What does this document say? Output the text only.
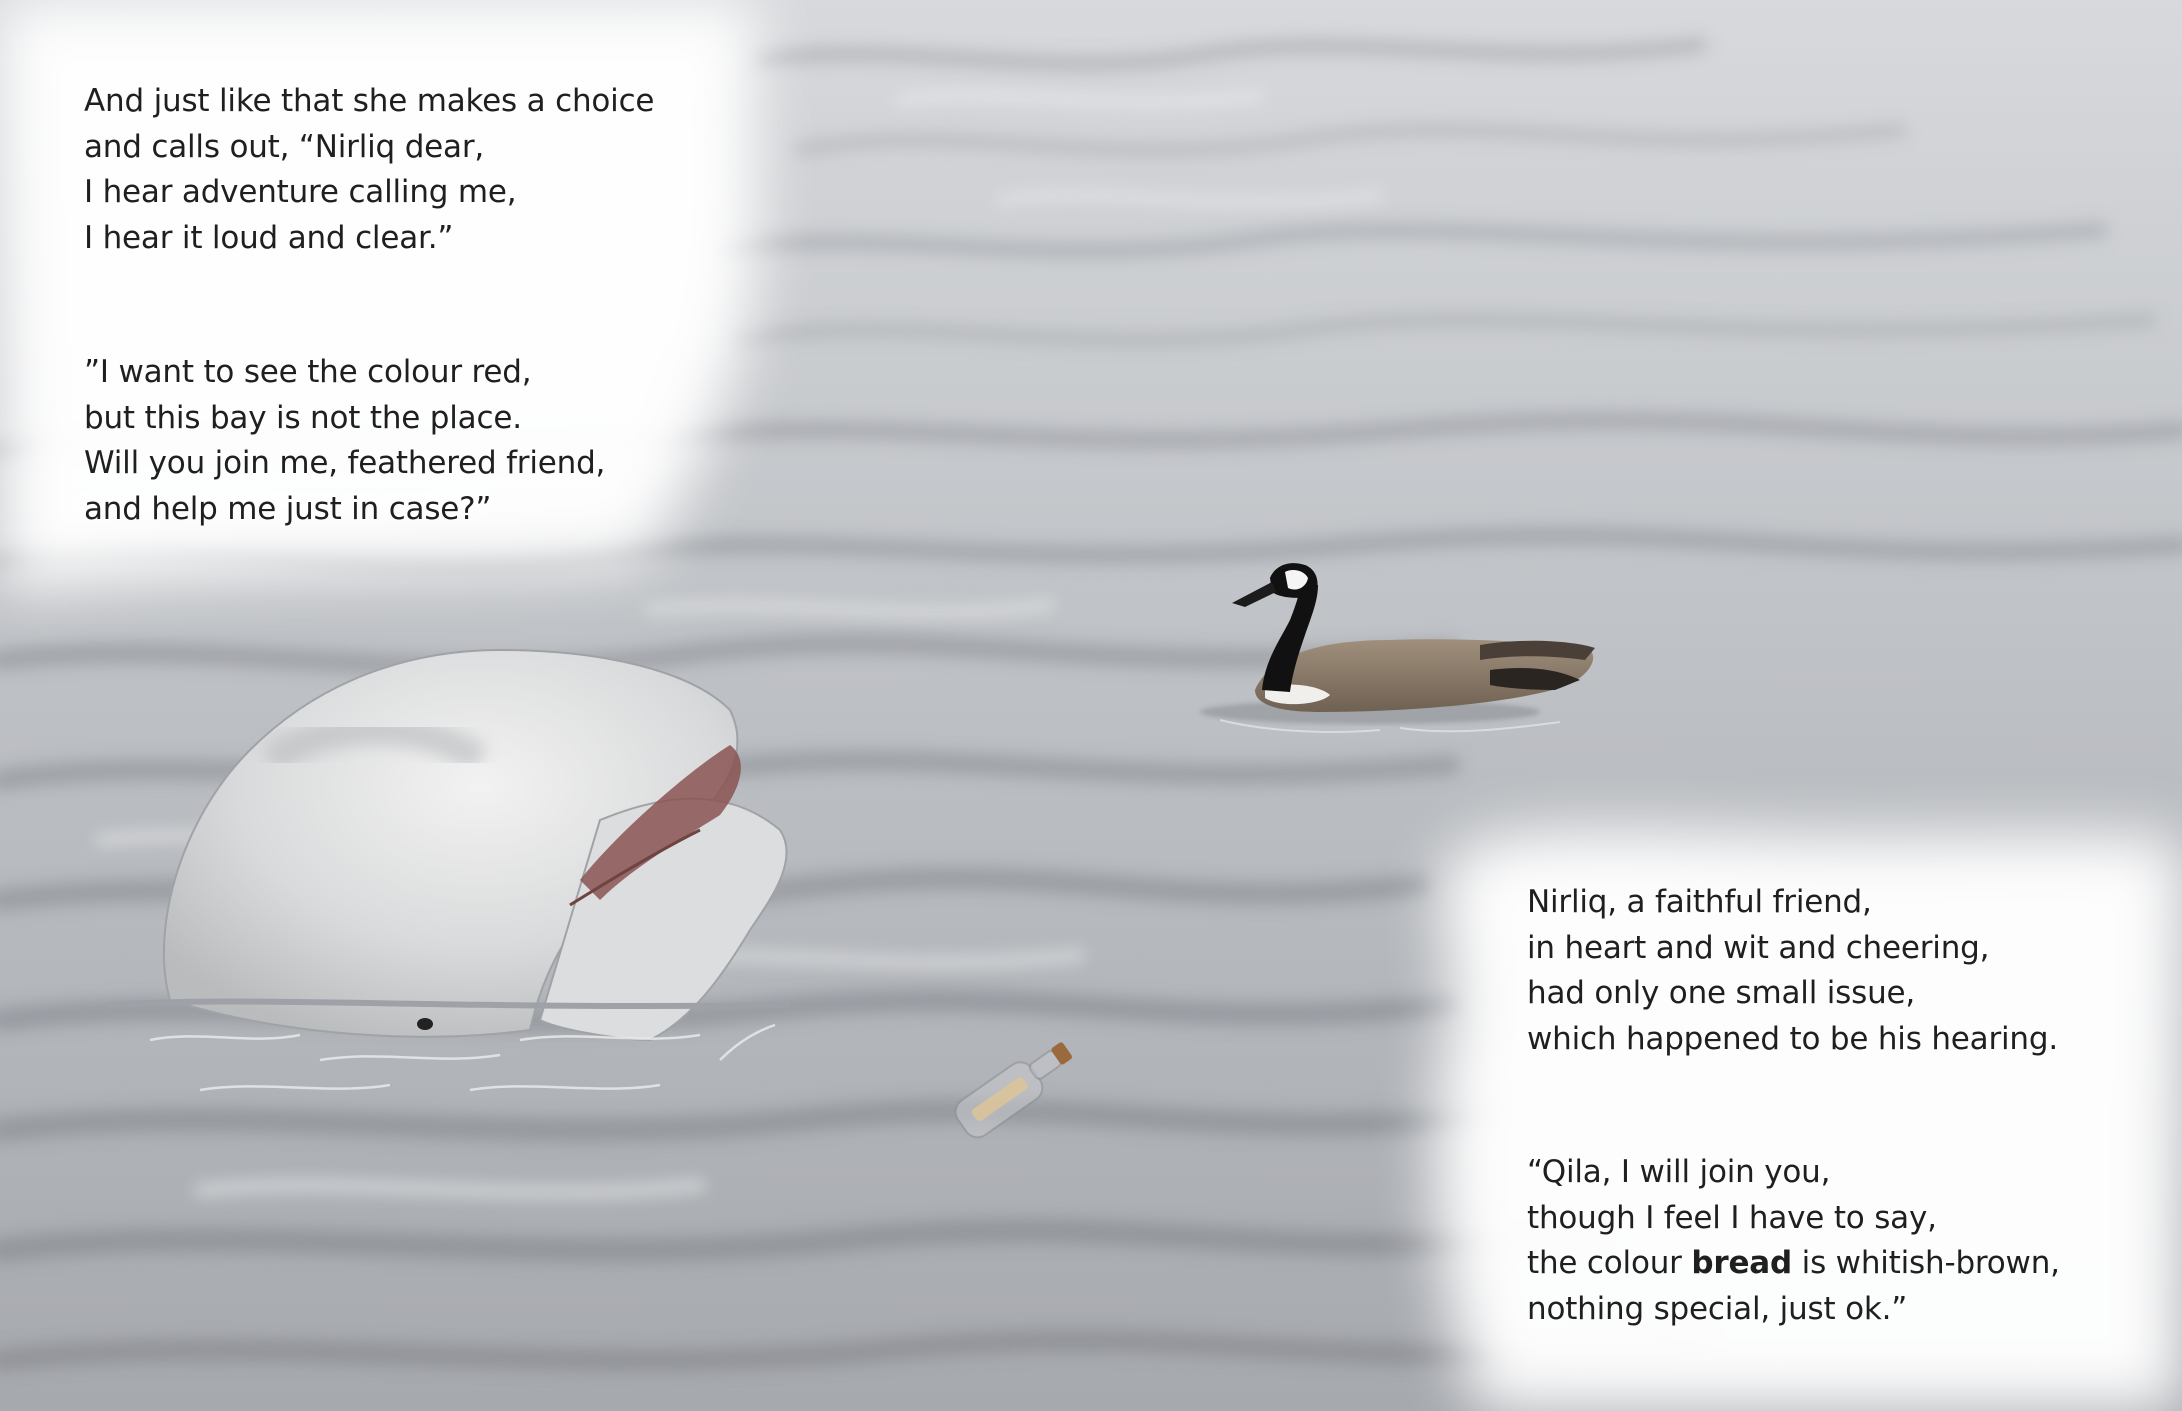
And just like that she makes a choice
and calls out, “Nirliq dear,
I hear adventure calling me,
I hear it loud and clear.”

”I want to see the colour red,
but this bay is not the place.
Will you join me, feathered friend,
and help me just in case?”

Nirliq, a faithful friend,
in heart and wit and cheering,
had only one small issue,
which happened to be his hearing.

“Qila, I will join you,
though I feel I have to say,
the colour bread is whitish-brown,
nothing special, just ok.”
